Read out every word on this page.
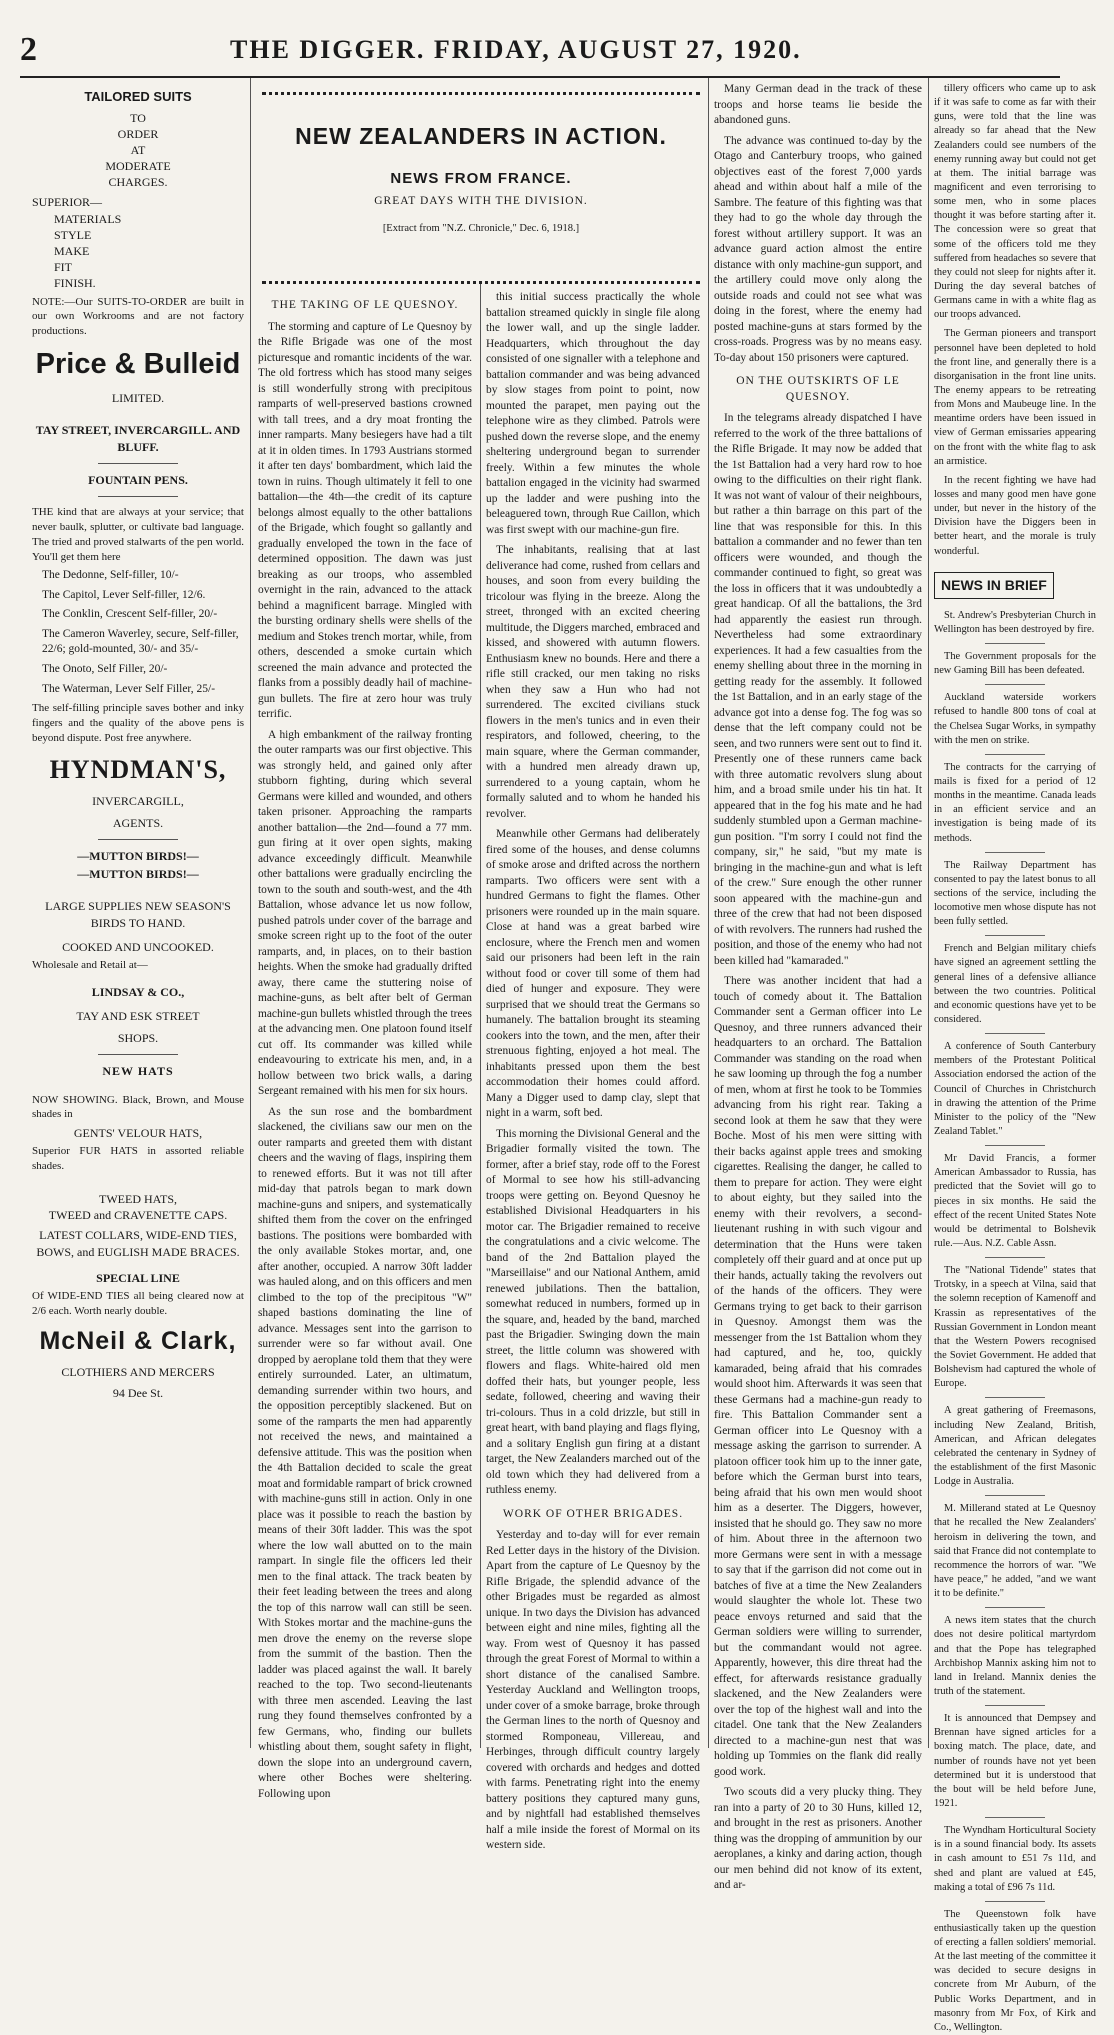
2	THE DIGGER. FRIDAY, AUGUST 27, 1920.

TAILORED SUITS

TO

ORDER

AT

MODERATE

CHARGES.

SUPERIOR—

MATERIALS

STYLE

MAKE

FIT

FINISH.

NOTE:—Our SUITS-TO-ORDER are built in our own Workrooms and are not factory productions.

Price & Bulleid

LIMITED.

TAY STREET, INVERCARGILL. AND BLUFF.

FOUNTAIN PENS.

THE kind that are always at your service; that never baulk, splutter, or cultivate bad language. The tried and proved stalwarts of the pen world. You'll get them here

The Dedonne, Self-filler, 10/-

The Capitol, Lever Self-filler, 12/6.

The Conklin, Crescent Self-filler, 20/-

The Cameron Waverley, secure, Self-filler, 22/6; gold-mounted, 30/- and 35/-

The Onoto, Self Filler, 20/-

The Waterman, Lever Self Filler, 25/-

The self-filling principle saves bother and inky fingers and the quality of the above pens is beyond dispute. Post free anywhere.

HYNDMAN'S,

INVERCARGILL,

AGENTS.

—MUTTON BIRDS!—

—MUTTON BIRDS!—

LARGE SUPPLIES NEW SEASON'S BIRDS TO HAND.

COOKED AND UNCOOKED.

Wholesale and Retail at—

LINDSAY & CO.,

TAY AND ESK STREET

SHOPS.

NEW HATS

NOW SHOWING. Black, Brown, and Mouse shades in

GENTS' VELOUR HATS,

Superior FUR HATS in assorted reliable shades.

TWEED HATS,

TWEED and CRAVENETTE CAPS.

LATEST COLLARS, WIDE-END TIES, BOWS, and EUGLISH MADE BRACES.

SPECIAL LINE

Of WIDE-END TIES all being cleared now at 2/6 each. Worth nearly double.

McNeil & Clark,

CLOTHIERS AND MERCERS

94 Dee St.

NEW ZEALANDERS IN ACTION.
NEWS FROM FRANCE.
GREAT DAYS WITH THE DIVISION.
[Extract from "N.Z. Chronicle," Dec. 6, 1918.]
THE TAKING OF LE QUESNOY.

The storming and capture of Le Quesnoy by the Rifle Brigade was one of the most picturesque and romantic incidents of the war. The old fortress which has stood many seiges is still wonderfully strong with precipitous ramparts of well-preserved bastions crowned with tall trees, and a dry moat fronting the inner ramparts. Many besiegers have had a tilt at it in olden times. In 1793 Austrians stormed it after ten days' bombardment, which laid the town in ruins. Though ultimately it fell to one battalion—the 4th—the credit of its capture belongs almost equally to the other battalions of the Brigade, which fought so gallantly and gradually enveloped the town in the face of determined opposition. The dawn was just breaking as our troops, who assembled overnight in the rain, advanced to the attack behind a magnificent barrage. Mingled with the bursting ordinary shells were shells of the medium and Stokes trench mortar, while, from others, descended a smoke curtain which screened the main advance and protected the flanks from a possibly deadly hail of machine-gun bullets. The fire at zero hour was truly terrific.

A high embankment of the railway fronting the outer ramparts was our first objective. This was strongly held, and gained only after stubborn fighting, during which several Germans were killed and wounded, and others taken prisoner. Approaching the ramparts another battalion—the 2nd—found a 77 mm. gun firing at it over open sights, making advance exceedingly difficult. Meanwhile other battalions were gradually encircling the town to the south and south-west, and the 4th Battalion, whose advance let us now follow, pushed patrols under cover of the barrage and smoke screen right up to the foot of the outer ramparts, and, in places, on to their bastion heights. When the smoke had gradually drifted away, there came the stuttering noise of machine-guns, as belt after belt of German machine-gun bullets whistled through the trees at the advancing men. One platoon found itself cut off. Its commander was killed while endeavouring to extricate his men, and, in a hollow between two brick walls, a daring Sergeant remained with his men for six hours.

As the sun rose and the bombardment slackened, the civilians saw our men on the outer ramparts and greeted them with distant cheers and the waving of flags, inspiring them to renewed efforts. But it was not till after mid-day that patrols began to mark down machine-guns and snipers, and systematically shifted them from the cover on the enfringed bastions. The positions were bombarded with the only available Stokes mortar, and, one after another, occupied. A narrow 30ft ladder was hauled along, and on this officers and men climbed to the top of the precipitous "W" shaped bastions dominating the line of advance. Messages sent into the garrison to surrender were so far without avail. One dropped by aeroplane told them that they were entirely surrounded. Later, an ultimatum, demanding surrender within two hours, and the opposition perceptibly slackened. But on some of the ramparts the men had apparently not received the news, and maintained a defensive attitude. This was the position when the 4th Battalion decided to scale the great moat and formidable rampart of brick crowned with machine-guns still in action. Only in one place was it possible to reach the bastion by means of their 30ft ladder. This was the spot where the low wall abutted on to the main rampart. In single file the officers led their men to the final attack. The track beaten by their feet leading between the trees and along the top of this narrow wall can still be seen. With Stokes mortar and the machine-guns the men drove the enemy on the reverse slope from the summit of the bastion. Then the ladder was placed against the wall. It barely reached to the top. Two second-lieutenants with three men ascended. Leaving the last rung they found themselves confronted by a few Germans, who, finding our bullets whistling about them, sought safety in flight, down the slope into an underground cavern, where other Boches were sheltering. Following upon

this initial success practically the whole battalion streamed quickly in single file along the lower wall, and up the single ladder. Headquarters, which throughout the day consisted of one signaller with a telephone and battalion commander and was being advanced by slow stages from point to point, now mounted the parapet, men paying out the telephone wire as they climbed. Patrols were pushed down the reverse slope, and the enemy sheltering underground began to surrender freely. Within a few minutes the whole battalion engaged in the vicinity had swarmed up the ladder and were pushing into the beleaguered town, through Rue Caillon, which was first swept with our machine-gun fire.

The inhabitants, realising that at last deliverance had come, rushed from cellars and houses, and soon from every building the tricolour was flying in the breeze. Along the street, thronged with an excited cheering multitude, the Diggers marched, embraced and kissed, and showered with autumn flowers. Enthusiasm knew no bounds. Here and there a rifle still cracked, our men taking no risks when they saw a Hun who had not surrendered. The excited civilians stuck flowers in the men's tunics and in even their respirators, and followed, cheering, to the main square, where the German commander, with a hundred men already drawn up, surrendered to a young captain, whom he formally saluted and to whom he handed his revolver.

Meanwhile other Germans had deliberately fired some of the houses, and dense columns of smoke arose and drifted across the northern ramparts. Two officers were sent with a hundred Germans to fight the flames. Other prisoners were rounded up in the main square. Close at hand was a great barbed wire enclosure, where the French men and women said our prisoners had been left in the rain without food or cover till some of them had died of hunger and exposure. They were surprised that we should treat the Germans so humanely. The battalion brought its steaming cookers into the town, and the men, after their strenuous fighting, enjoyed a hot meal. The inhabitants pressed upon them the best accommodation their homes could afford. Many a Digger used to damp clay, slept that night in a warm, soft bed.

This morning the Divisional General and the Brigadier formally visited the town. The former, after a brief stay, rode off to the Forest of Mormal to see how his still-advancing troops were getting on. Beyond Quesnoy he established Divisional Headquarters in his motor car. The Brigadier remained to receive the congratulations and a civic welcome. The band of the 2nd Battalion played the "Marseillaise" and our National Anthem, amid renewed jubilations. Then the battalion, somewhat reduced in numbers, formed up in the square, and, headed by the band, marched past the Brigadier. Swinging down the main street, the little column was showered with flowers and flags. White-haired old men doffed their hats, but younger people, less sedate, followed, cheering and waving their tri-colours. Thus in a cold drizzle, but still in great heart, with band playing and flags flying, and a solitary English gun firing at a distant target, the New Zealanders marched out of the old town which they had delivered from a ruthless enemy.

WORK OF OTHER BRIGADES.

Yesterday and to-day will for ever remain Red Letter days in the history of the Division. Apart from the capture of Le Quesnoy by the Rifle Brigade, the splendid advance of the other Brigades must be regarded as almost unique. In two days the Division has advanced between eight and nine miles, fighting all the way. From west of Quesnoy it has passed through the great Forest of Mormal to within a short distance of the canalised Sambre. Yesterday Auckland and Wellington troops, under cover of a smoke barrage, broke through the German lines to the north of Quesnoy and stormed Romponeau, Villereau, and Herbinges, through difficult country largely covered with orchards and hedges and dotted with farms. Penetrating right into the enemy battery positions they captured many guns, and by nightfall had established themselves half a mile inside the forest of Mormal on its western side.

Many German dead in the track of these troops and horse teams lie beside the abandoned guns.

The advance was continued to-day by the Otago and Canterbury troops, who gained objectives east of the forest 7,000 yards ahead and within about half a mile of the Sambre. The feature of this fighting was that they had to go the whole day through the forest without artillery support. It was an advance guard action almost the entire distance with only machine-gun support, and the artillery could move only along the outside roads and could not see what was doing in the forest, where the enemy had posted machine-guns at stars formed by the cross-roads. Progress was by no means easy. To-day about 150 prisoners were captured.

ON THE OUTSKIRTS OF LE QUESNOY.

In the telegrams already dispatched I have referred to the work of the three battalions of the Rifle Brigade. It may now be added that the 1st Battalion had a very hard row to hoe owing to the difficulties on their right flank. It was not want of valour of their neighbours, but rather a thin barrage on this part of the line that was responsible for this. In this battalion a commander and no fewer than ten officers were wounded, and though the commander continued to fight, so great was the loss in officers that it was undoubtedly a great handicap. Of all the battalions, the 3rd had apparently the easiest run through. Nevertheless had some extraordinary experiences. It had a few casualties from the enemy shelling about three in the morning in getting ready for the assembly. It followed the 1st Battalion, and in an early stage of the advance got into a dense fog. The fog was so dense that the left company could not be seen, and two runners were sent out to find it. Presently one of these runners came back with three automatic revolvers slung about him, and a broad smile under his tin hat. It appeared that in the fog his mate and he had suddenly stumbled upon a German machine-gun position. "I'm sorry I could not find the company, sir," he said, "but my mate is bringing in the machine-gun and what is left of the crew." Sure enough the other runner soon appeared with the machine-gun and three of the crew that had not been disposed of with revolvers. The runners had rushed the position, and those of the enemy who had not been killed had "kamaraded."

There was another incident that had a touch of comedy about it. The Battalion Commander sent a German officer into Le Quesnoy, and three runners advanced their headquarters to an orchard. The Battalion Commander was standing on the road when he saw looming up through the fog a number of men, whom at first he took to be Tommies advancing from his right rear. Taking a second look at them he saw that they were Boche. Most of his men were sitting with their backs against apple trees and smoking cigarettes. Realising the danger, he called to them to prepare for action. They were eight to about eighty, but they sailed into the enemy with their revolvers, a second-lieutenant rushing in with such vigour and determination that the Huns were taken completely off their guard and at once put up their hands, actually taking the revolvers out of the hands of the officers. They were Germans trying to get back to their garrison in Quesnoy. Amongst them was the messenger from the 1st Battalion whom they had captured, and he, too, quickly kamaraded, being afraid that his comrades would shoot him. Afterwards it was seen that these Germans had a machine-gun ready to fire. This Battalion Commander sent a German officer into Le Quesnoy with a message asking the garrison to surrender. A platoon officer took him up to the inner gate, before which the German burst into tears, being afraid that his own men would shoot him as a deserter. The Diggers, however, insisted that he should go. They saw no more of him. About three in the afternoon two more Germans were sent in with a message to say that if the garrison did not come out in batches of five at a time the New Zealanders would slaughter the whole lot. These two peace envoys returned and said that the German soldiers were willing to surrender, but the commandant would not agree. Apparently, however, this dire threat had the effect, for afterwards resistance gradually slackened, and the New Zealanders were over the top of the highest wall and into the citadel. One tank that the New Zealanders directed to a machine-gun nest that was holding up Tommies on the flank did really good work.

Two scouts did a very plucky thing. They ran into a party of 20 to 30 Huns, killed 12, and brought in the rest as prisoners. Another thing was the dropping of ammunition by our aeroplanes, a kinky and daring action, though our men behind did not know of its extent, and ar-

tillery officers who came up to ask if it was safe to come as far with their guns, were told that the line was already so far ahead that the New Zealanders could see numbers of the enemy running away but could not get at them. The initial barrage was magnificent and even terrorising to some men, who in some places thought it was before starting after it. The concession were so great that some of the officers told me they suffered from headaches so severe that they could not sleep for nights after it. During the day several batches of Germans came in with a white flag as our troops advanced.

The German pioneers and transport personnel have been depleted to hold the front line, and generally there is a disorganisation in the front line units. The enemy appears to be retreating from Mons and Maubeuge line. In the meantime orders have been issued in view of German emissaries appearing on the front with the white flag to ask an armistice.

In the recent fighting we have had losses and many good men have gone under, but never in the history of the Division have the Diggers been in better heart, and the morale is truly wonderful.

NEWS IN BRIEF

St. Andrew's Presbyterian Church in Wellington has been destroyed by fire.

The Government proposals for the new Gaming Bill has been defeated.

Auckland waterside workers refused to handle 800 tons of coal at the Chelsea Sugar Works, in sympathy with the men on strike.

The contracts for the carrying of mails is fixed for a period of 12 months in the meantime. Canada leads in an efficient service and an investigation is being made of its methods.

The Railway Department has consented to pay the latest bonus to all sections of the service, including the locomotive men whose dispute has not been fully settled.

French and Belgian military chiefs have signed an agreement settling the general lines of a defensive alliance between the two countries. Political and economic questions have yet to be considered.

A conference of South Canterbury members of the Protestant Political Association endorsed the action of the Council of Churches in Christchurch in drawing the attention of the Prime Minister to the policy of the "New Zealand Tablet."

Mr David Francis, a former American Ambassador to Russia, has predicted that the Soviet will go to pieces in six months. He said the effect of the recent United States Note would be detrimental to Bolshevik rule.—Aus. N.Z. Cable Assn.

The "National Tidende" states that Trotsky, in a speech at Vilna, said that the solemn reception of Kamenoff and Krassin as representatives of the Russian Government in London meant that the Western Powers recognised the Soviet Government. He added that Bolshevism had captured the whole of Europe.

A great gathering of Freemasons, including New Zealand, British, American, and African delegates celebrated the centenary in Sydney of the establishment of the first Masonic Lodge in Australia.

M. Millerand stated at Le Quesnoy that he recalled the New Zealanders' heroism in delivering the town, and said that France did not contemplate to recommence the horrors of war. "We have peace," he added, "and we want it to be definite."

A news item states that the church does not desire political martyrdom and that the Pope has telegraphed Archbishop Mannix asking him not to land in Ireland. Mannix denies the truth of the statement.

It is announced that Dempsey and Brennan have signed articles for a boxing match. The place, date, and number of rounds have not yet been determined but it is understood that the bout will be held before June, 1921.

The Wyndham Horticultural Society is in a sound financial body. Its assets in cash amount to £51 7s 11d, and shed and plant are valued at £45, making a total of £96 7s 11d.

The Queenstown folk have enthusiastically taken up the question of erecting a fallen soldiers' memorial. At the last meeting of the committee it was decided to secure designs in concrete from Mr Auburn, of the Public Works Department, and in masonry from Mr Fox, of Kirk and Co., Wellington.
